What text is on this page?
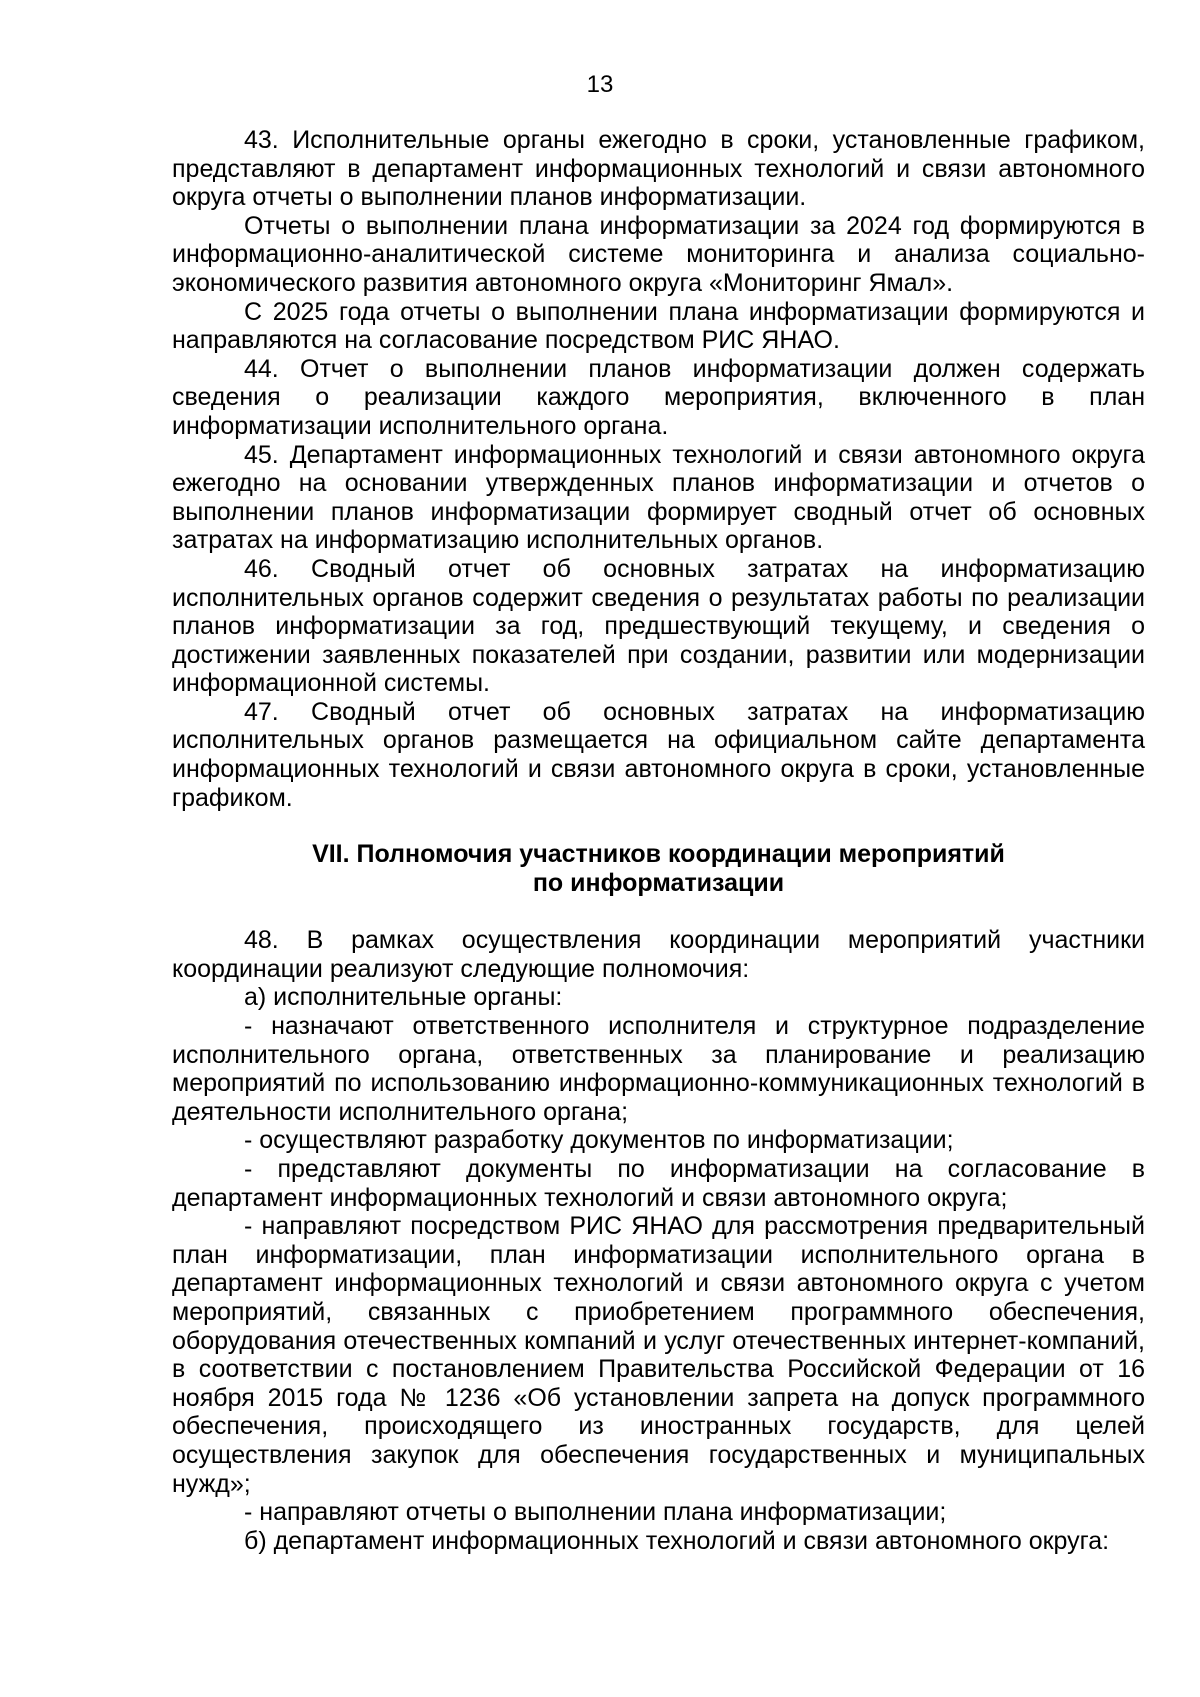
13

43. Исполнительные органы ежегодно в сроки, установленные графиком, представляют в департамент информационных технологий и связи автономного округа отчеты о выполнении планов информатизации.

Отчеты о выполнении плана информатизации за 2024 год формируются в информационно-аналитической системе мониторинга и анализа социально-экономического развития автономного округа «Мониторинг Ямал».

С 2025 года отчеты о выполнении плана информатизации формируются и направляются на согласование посредством РИС ЯНАО.

44. Отчет о выполнении планов информатизации должен содержать сведения о реализации каждого мероприятия, включенного в план информатизации исполнительного органа.

45. Департамент информационных технологий и связи автономного округа ежегодно на основании утвержденных планов информатизации и отчетов о выполнении планов информатизации формирует сводный отчет об основных затратах на информатизацию исполнительных органов.

46. Сводный отчет об основных затратах на информатизацию исполнительных органов содержит сведения о результатах работы по реализации планов информатизации за год, предшествующий текущему, и сведения о достижении заявленных показателей при создании, развитии или модернизации информационной системы.

47. Сводный отчет об основных затратах на информатизацию исполнительных органов размещается на официальном сайте департамента информационных технологий и связи автономного округа в сроки, установленные графиком.

VII. Полномочия участников координации мероприятий

по информатизации

48. В рамках осуществления координации мероприятий участники координации реализуют следующие полномочия:

а) исполнительные органы:

- назначают ответственного исполнителя и структурное подразделение исполнительного органа, ответственных за планирование и реализацию мероприятий по использованию информационно-коммуникационных технологий в деятельности исполнительного органа;

- осуществляют разработку документов по информатизации;

- представляют документы по информатизации на согласование в департамент информационных технологий и связи автономного округа;

- направляют посредством РИС ЯНАО для рассмотрения предварительный план информатизации, план информатизации исполнительного органа в департамент информационных технологий и связи автономного округа с учетом мероприятий, связанных с приобретением программного обеспечения, оборудования отечественных компаний и услуг отечественных интернет-компаний, в соответствии с постановлением Правительства Российской Федерации от 16 ноября 2015 года № 1236 «Об установлении запрета на допуск программного обеспечения, происходящего из иностранных государств, для целей осуществления закупок для обеспечения государственных и муниципальных нужд»;

- направляют отчеты о выполнении плана информатизации;

б) департамент информационных технологий и связи автономного округа:
